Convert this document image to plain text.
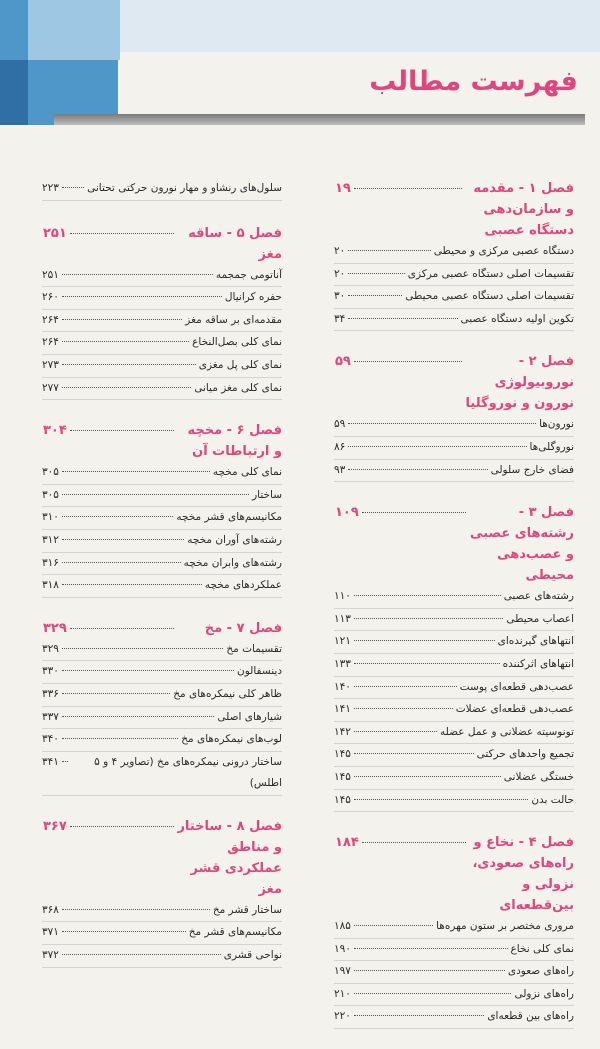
فهرست مطالب
فصل ۱ - مقدمه و سازمان‌دهی دستگاه عصبی
۱۹
دستگاه عصبی مرکزی و محیطی
۲۰
تقسیمات اصلی دستگاه عصبی مرکزی
۲۰
تقسیمات اصلی دستگاه عصبی محیطی
۳۰
تکوین اولیه دستگاه عصبی
۳۴
فصل ۲ - نوروبیولوژی نورون و نوروگلیا
۵۹
نورون‌ها
۵۹
نوروگلی‌ها
۸۶
فضای خارج سلولی
۹۳
فصل ۳ - رشته‌های عصبی و عصب‌دهی محیطی
۱۰۹
رشته‌های عصبی
۱۱۰
اعصاب محیطی
۱۱۳
انتهاهای گیرنده‌ای
۱۲۱
انتهاهای اثرکننده
۱۳۳
عصب‌دهی قطعه‌ای پوست
۱۴۰
عصب‌دهی قطعه‌ای عضلات
۱۴۱
تونوسیته عضلانی و عمل عضله
۱۴۲
تجمیع واحدهای حرکتی
۱۴۵
خستگی عضلانی
۱۴۵
حالت بدن
۱۴۵
فصل ۴ - نخاع و راه‌های صعودی، نزولی و بین‌قطعه‌ای
۱۸۴
مروری مختصر بر ستون مهره‌ها
۱۸۵
نمای کلی نخاع
۱۹۰
راه‌های صعودی
۱۹۷
راه‌های نزولی
۲۱۰
راه‌های بین قطعه‌ای
۲۲۰
سلول‌های رنشاو و مهار نورون حرکتی تحتانی
۲۲۳
فصل ۵ - ساقه مغز
۲۵۱
آناتومی جمجمه
۲۵۱
حفره کرانیال
۲۶۰
مقدمه‌ای بر ساقه مغز
۲۶۴
نمای کلی بصل‌النخاع
۲۶۴
نمای کلی پل مغزی
۲۷۳
نمای کلی مغز میانی
۲۷۷
فصل ۶ - مخچه و ارتباطات آن
۳۰۴
نمای کلی مخچه
۳۰۵
ساختار
۳۰۵
مکانیسم‌های قشر مخچه
۳۱۰
رشته‌های آوران مخچه
۳۱۲
رشته‌های وابران مخچه
۳۱۶
عملکردهای مخچه
۳۱۸
فصل ۷ - مخ
۳۲۹
تقسیمات مخ
۳۲۹
دینسفالون
۳۳۰
ظاهر کلی نیمکره‌های مخ
۳۳۶
شیارهای اصلی
۳۳۷
لوب‌های نیمکره‌های مخ
۳۴۰
ساختار درونی نیمکره‌های مخ (تصاویر ۴ و ۵ اطلس)
۳۴۱
فصل ۸ - ساختار و مناطق عملکردی قشر مغز
۳۶۷
ساختار قشر مخ
۳۶۸
مکانیسم‌های قشر مخ
۳۷۱
نواحی قشری
۳۷۲
